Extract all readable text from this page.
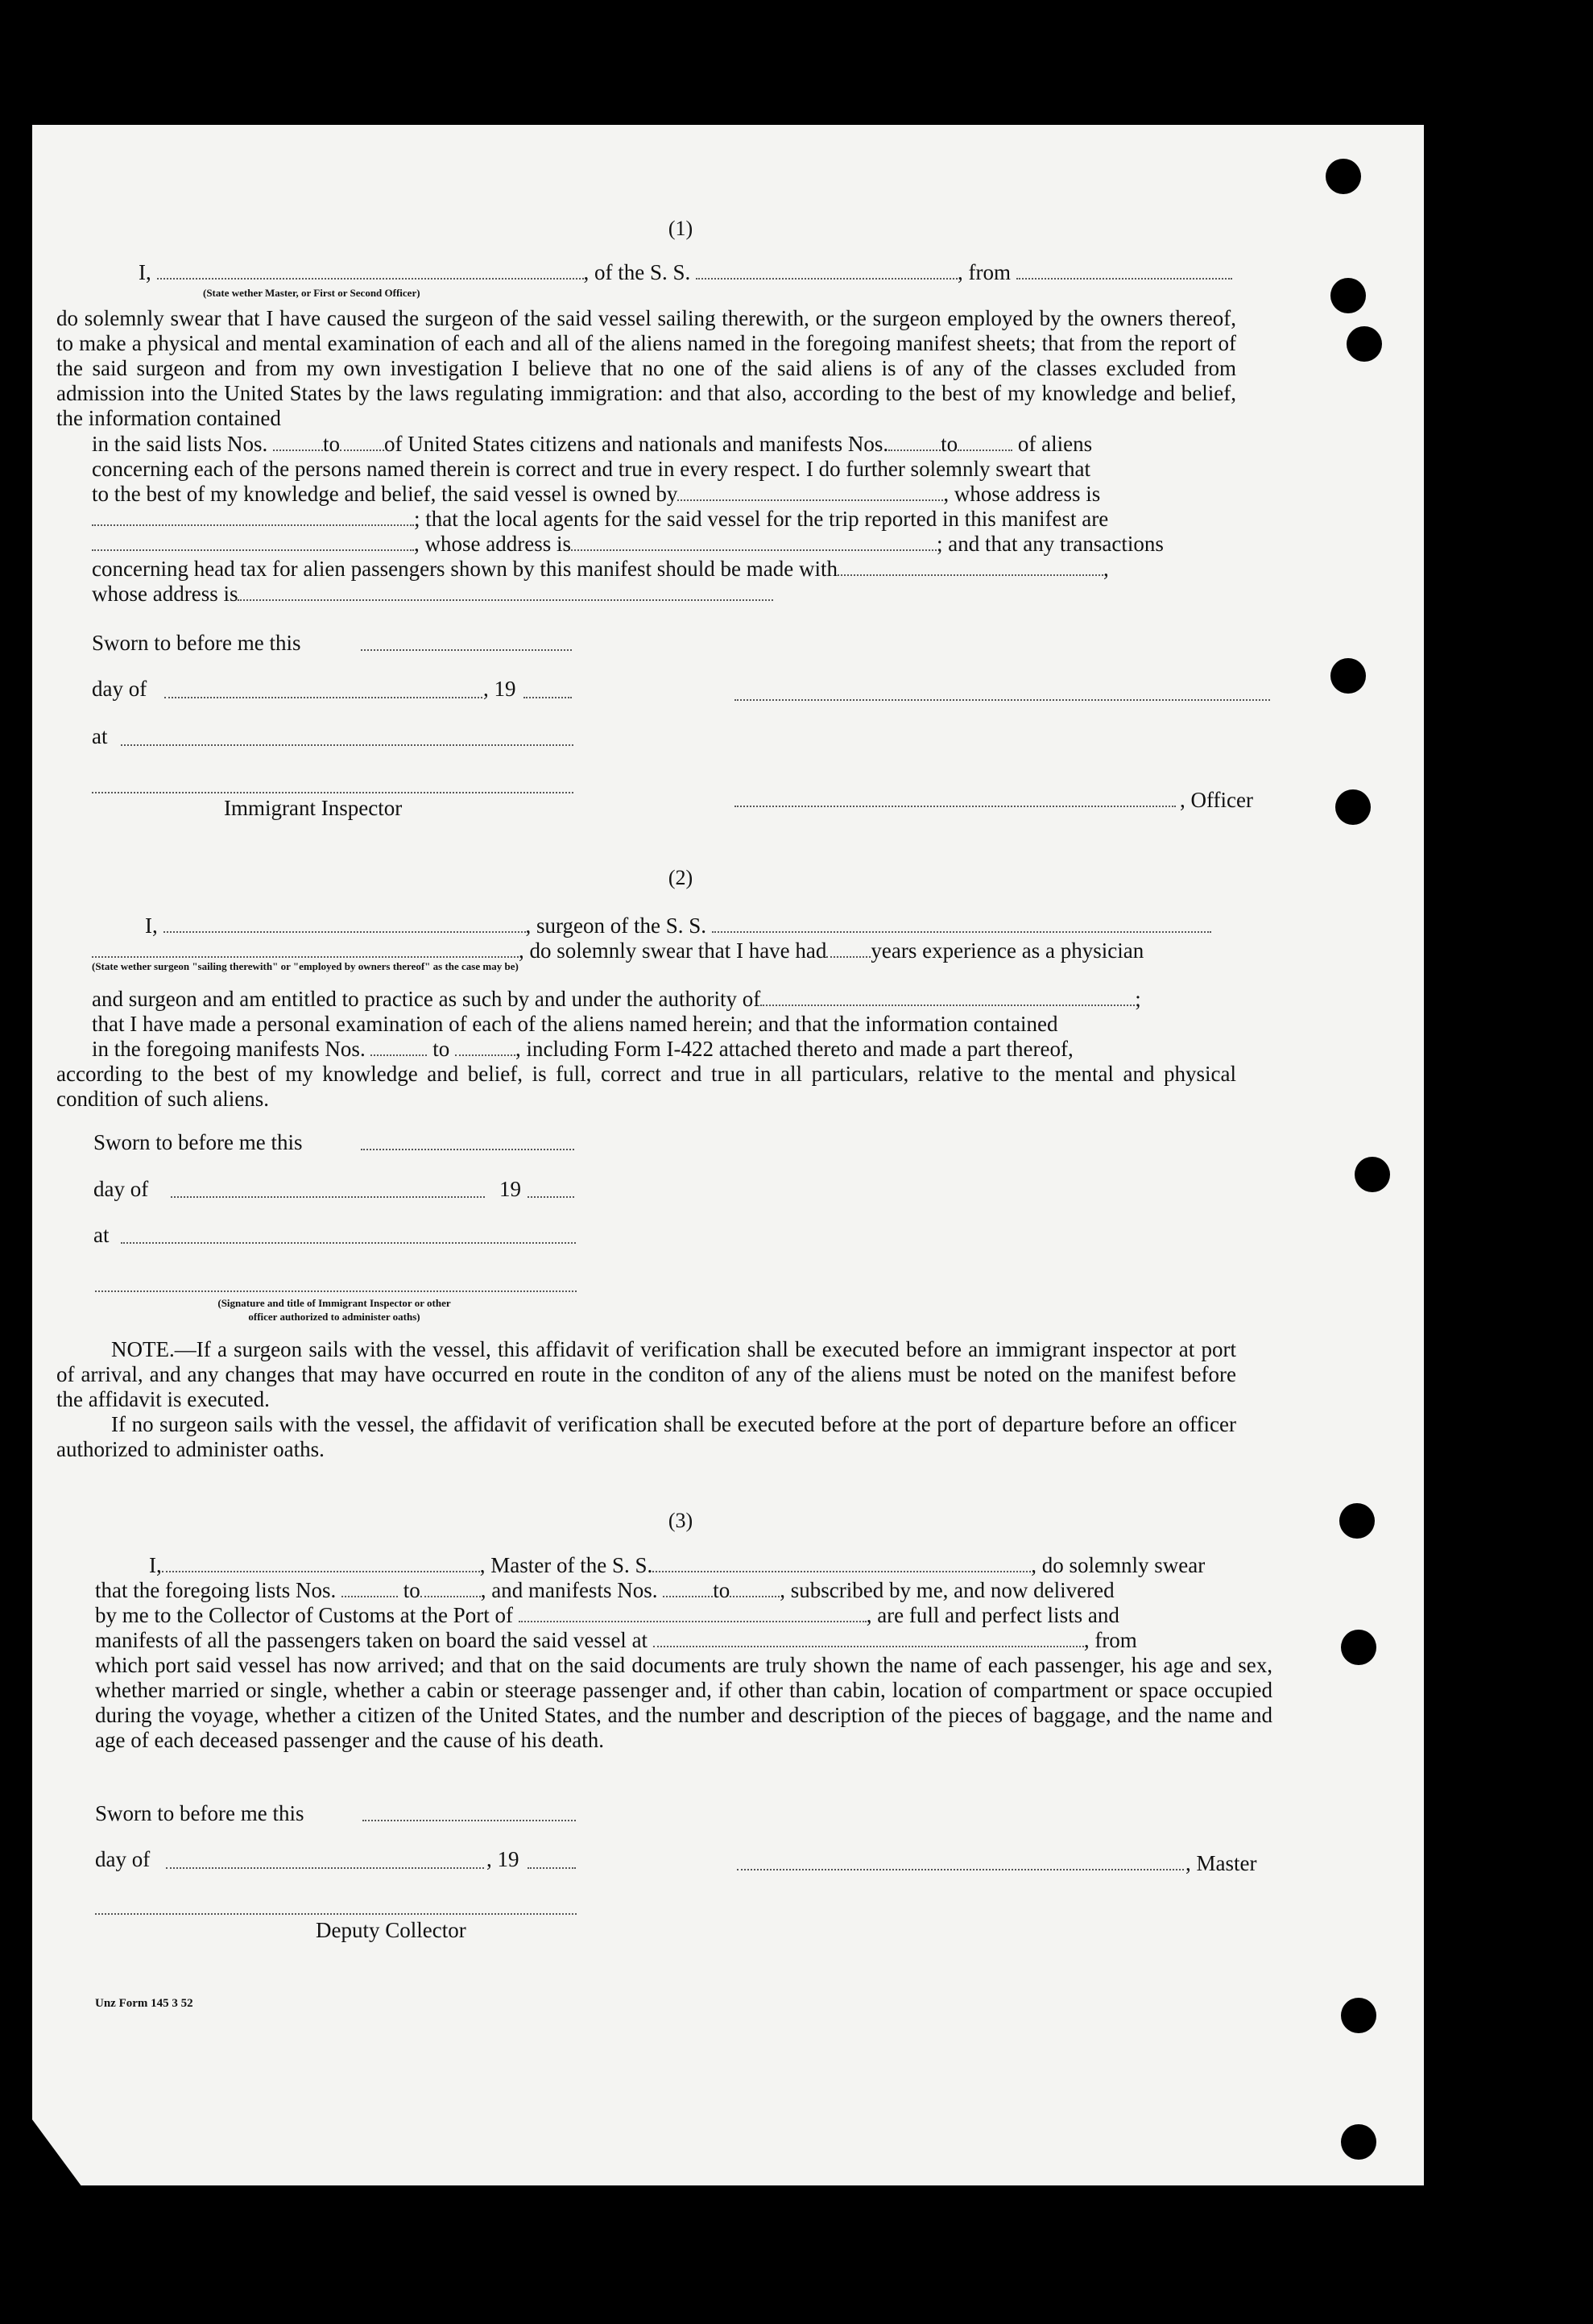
(1)
I,	, of the S. S.	, from
(State wether Master, or First or Second Officer)
do solemnly swear that I have caused the surgeon of the said vessel sailing therewith, or the surgeon employed by the owners thereof, to make a physical and mental examination of each and all of the aliens named in the foregoing manifest sheets; that from the report of the said surgeon and from my own investigation I believe that no one of the said aliens is of any of the classes excluded from admission into the United States by the laws regulating immigration: and that also, according to the best of my knowledge and belief, the information contained
in the said lists Nos.	to of United States citizens and nationals and manifests Nos. to	of aliens
concerning each of the persons named therein is correct and true in every respect. I do further solemnly sweart that
to the best of my knowledge and belief, the said vessel is owned by	, whose address is
; that the local agents for the said vessel for the trip reported in this manifest are
, whose address is	; and that any transactions
concerning head tax for alien passengers shown by this manifest should be made with	,
whose address is
Sworn to before me this
day of	, 19
at
Immigrant Inspector	, Officer
(2)
I,	, surgeon of the S. S.
, do solemnly swear that I have had years experience as a physician
(State wether surgeon "sailing therewith" or "employed by owners thereof" as the case may be)
and surgeon and am entitled to practice as such by and under the authority of	;
that I have made a personal examination of each of the aliens named herein; and that the information contained
in the foregoing manifests Nos.	to	, including Form I-422 attached thereto and made a part thereof,
according to the best of my knowledge and belief, is full, correct and true in all particulars, relative to the mental and physical condition of such aliens.
Sworn to before me this
day of	19
at
(Signature and title of Immigrant Inspector or other
officer authorized to administer oaths)
NOTE.—If a surgeon sails with the vessel, this affidavit of verification shall be executed before an immigrant inspector at port of arrival, and any changes that may have occurred en route in the conditon of any of the aliens must be noted on the manifest before the affidavit is executed.
If no surgeon sails with the vessel, the affidavit of verification shall be executed before at the port of departure before an officer authorized to administer oaths.
(3)
I,	, Master of the S. S.	, do solemnly swear
that the foregoing lists Nos.	to	, and manifests Nos.	to , subscribed by me, and now delivered
by me to the Collector of Customs at the Port of	, are full and perfect lists and
manifests of all the passengers taken on board the said vessel at	, from
which port said vessel has now arrived; and that on the said documents are truly shown the name of each passenger, his age and sex, whether married or single, whether a cabin or steerage passenger and, if other than cabin, location of compartment or space occupied during the voyage, whether a citizen of the United States, and the number and description of the pieces of baggage, and the name and age of each deceased passenger and the cause of his death.
Sworn to before me this
day of	, 19	, Master
Deputy Collector
Unz Form 145 3 52
